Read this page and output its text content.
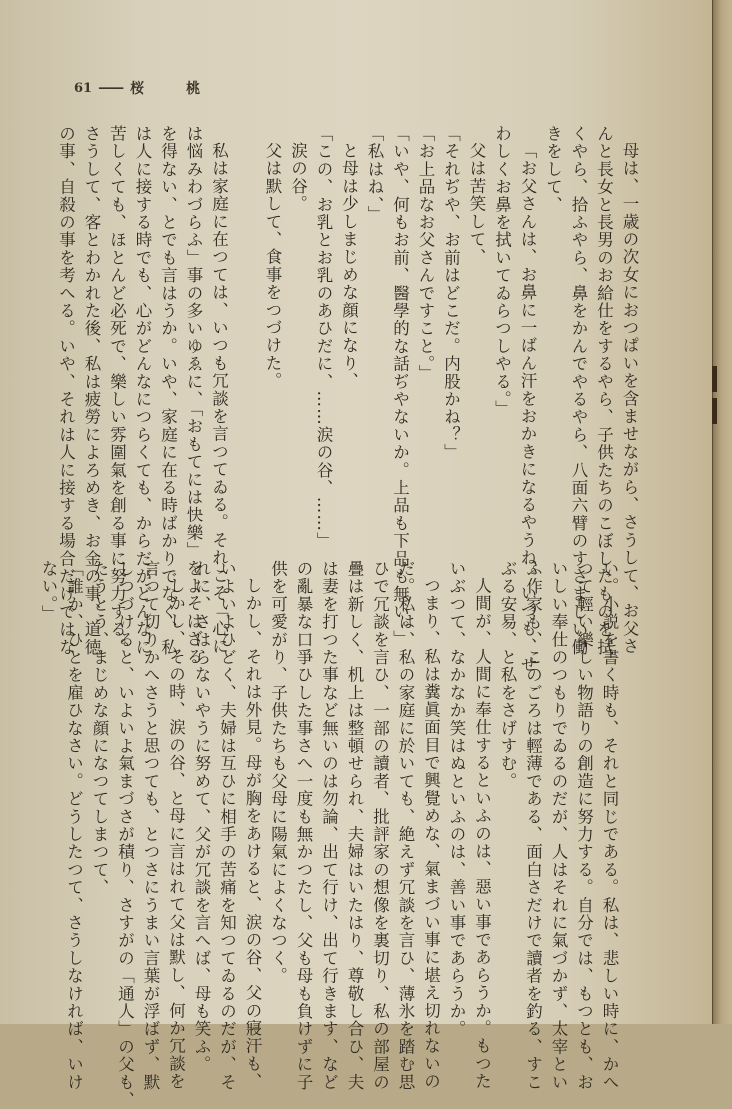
61 —— 桜	桃
母は、一歳の次女におつぱいを含ませながら、さうして、お父さ
んと長女と長男のお給仕をするやら、子供たちのこぼしたものを拭
くやら、拾ふやら、鼻をかんでやるやら、八面六臂のすさまじい働
きをして、
「お父さんは、お鼻に一ばん汗をおかきになるやうね。いつも、せ
わしくお鼻を拭いてゐらつしやる。」
父は苦笑して、
「それぢや、お前はどこだ。内股かね？」
「お上品なお父さんですこと。」
「いや、何もお前、醫學的な話ぢやないか。上品も下品も無い。」
「私はね、」
と母は少しまじめな顔になり、
「この、お乳とお乳のあひだに、……涙の谷、……」
涙の谷。
父は默して、食事をつづけた。
私は家庭に在つては、いつも冗談を言つてゐる。それこそ「心に
は悩みわづらふ」事の多いゆゑに、「おもてには快樂」をよそはざる
を得ない、とでも言はうか。いや、家庭に在る時ばかりでなく、私
は人に接する時でも、心がどんなにつらくても、からだがどんなに
苦しくても、ほとんど必死で、樂しい雰圍氣を創る事に努力する。
さうして、客とわかれた後、私は疲勞によろめき、お金の事、道徳
の事、自殺の事を考へる。いや、それは人に接する場合だけではな
い。小説を書く時も、それと同じである。私は、悲しい時に、かへ
つて輕い樂しい物語りの創造に努力する。自分では、もつとも、お
いしい奉仕のつもりでゐるのだが、人はそれに氣づかず、太宰とい
ふ作家も、このごろは輕薄である、面白さだけで讀者を釣る、すこ
ぶる安易、と私をさげすむ。
人間が、人間に奉仕するといふのは、惡い事であらうか。もつた
いぶつて、なかなか笑はぬといふのは、善い事であらうか。
つまり、私は糞眞面目で興覺めな、氣まづい事に堪え切れないの
だ。私は、私の家庭に於いても、絶えず冗談を言ひ、薄氷を踏む思
ひで冗談を言ひ、一部の讀者、批評家の想像を裏切り、私の部屋の
疊は新しく、机上は整頓せられ、夫婦はいたはり、尊敬し合ひ、夫
は妻を打つた事など無いのは勿論、出て行け、出て行きます、など
の亂暴な口爭ひした事さへ一度も無かつたし、父も母も負けずに子
供を可愛がり、子供たちも父母に陽氣によくなつく。
しかし、それは外見。母が胸をあけると、涙の谷、父の寢汗も、
いよいよひどく、夫婦は互ひに相手の苦痛を知つてゐるのだが、そ
れに、さはらないやうに努めて、父が冗談を言へば、母も笑ふ。
しかし、その時、涙の谷、と母に言はれて父は默し、何か冗談を
言つて切りかへさうと思つても、とつさにうまい言葉が浮ばず、默
しつづけると、いよいよ氣まづさが積り、さすがの「通人」の父も、
たうとう、まじめな顔になつてしまつて、
「誰か、ひとを雇ひなさい。どうしたつて、さうしなければ、いけ
ない。」
